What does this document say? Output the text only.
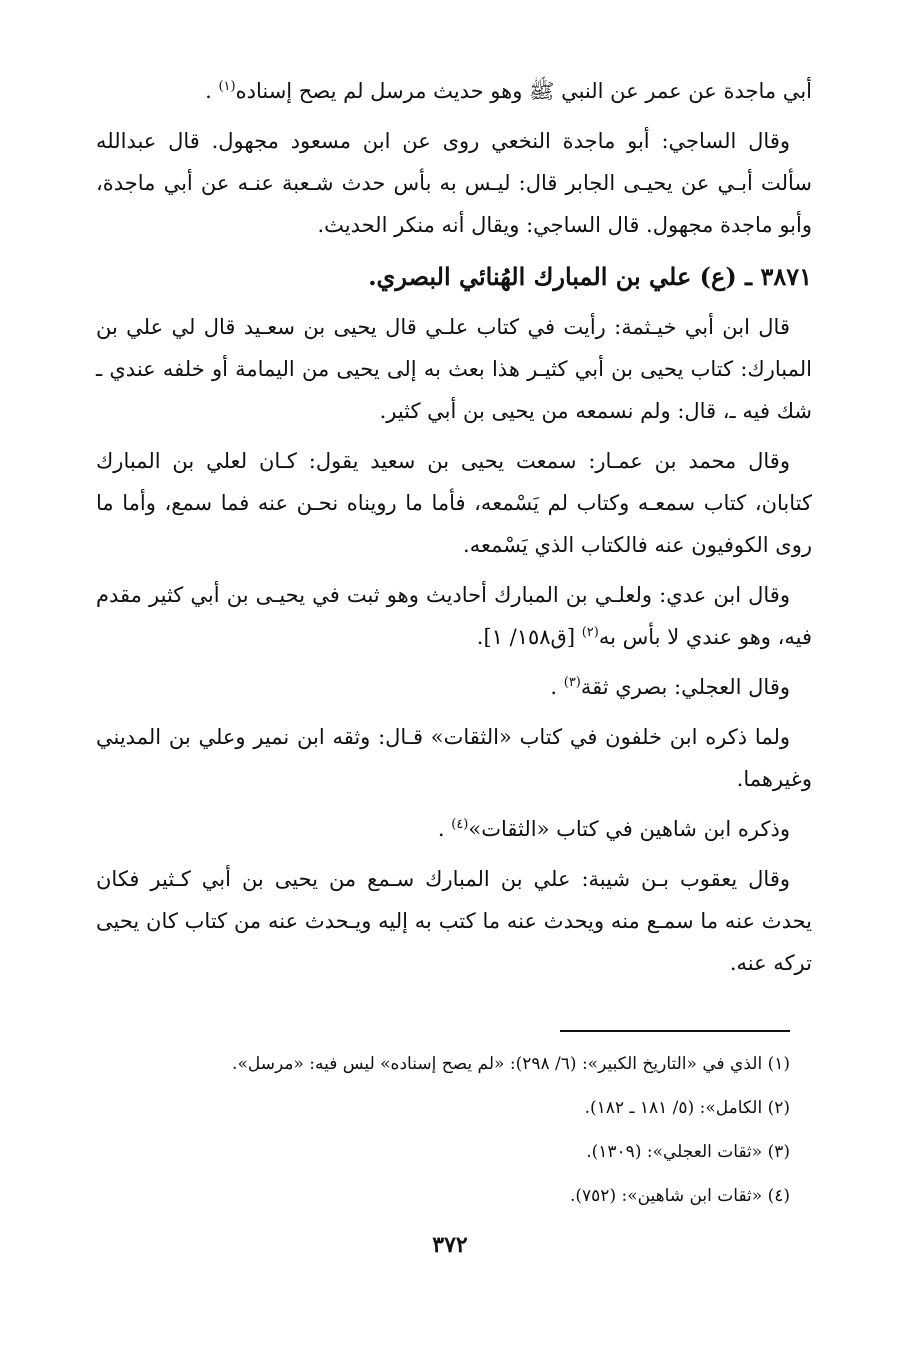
أبي ماجدة عن عمر عن النبي ﷺ وهو حديث مرسل لم يصح إسناده$^{(١)}$ .

وقال الساجي: أبو ماجدة النخعي روى عن ابن مسعود مجهول. قال عبدالله سألت أبـي عن يحيـى الجابر قال: ليـس به بأس حدث شـعبة عنـه عن أبي ماجدة، وأبو ماجدة مجهول. قال الساجي: ويقال أنه منكر الحديث.

٣٨٧١ ـ (ع) علي بن المبارك الهُنائي البصري.

قال ابن أبي خيـثمة: رأيت في كتاب علـي قال يحيى بن سعـيد قال لي علي بن المبارك: كتاب يحيى بن أبي كثيـر هذا بعث به إلى يحيى من اليمامة أو خلفه عندي ـ شك فيه ـ، قال: ولم نسمعه من يحيى بن أبي كثير.

وقال محمد بن عمـار: سمعت يحيى بن سعيد يقول: كـان لعلي بن المبارك كتابان، كتاب سمعـه وكتاب لم يَسْمعه، فأما ما رويناه نحـن عنه فما سمع، وأما ما روى الكوفيون عنه فالكتاب الذي يَسْمعه.

وقال ابن عدي: ولعلـي بن المبارك أحاديث وهو ثبت في يحيـى بن أبي كثير مقدم فيه، وهو عندي لا بأس به$^{(٢)}$ [ق١٥٨/ ١].

وقال العجلي: بصري ثقة$^{(٣)}$ .

ولما ذكره ابن خلفون في كتاب «الثقات» قـال: وثقه ابن نمير وعلي بن المديني وغيرهما.

وذكره ابن شاهين في كتاب «الثقات»$^{(٤)}$ .

وقال يعقوب بـن شيبة: علي بن المبارك سـمع من يحيى بن أبي كـثير فكان يحدث عنه ما سمـع منه ويحدث عنه ما كتب به إليه ويـحدث عنه من كتاب كان يحيى تركه عنه.

(١) الذي في «التاريخ الكبير»: (٦/ ٢٩٨): «لم يصح إسناده» ليس فيه: «مرسل».

(٢) الكامل»: (٥/ ١٨١ ـ ١٨٢).

(٣) «ثقات العجلي»: (١٣٠٩).

(٤) «ثقات ابن شاهين»: (٧٥٢).

٣٧٢
